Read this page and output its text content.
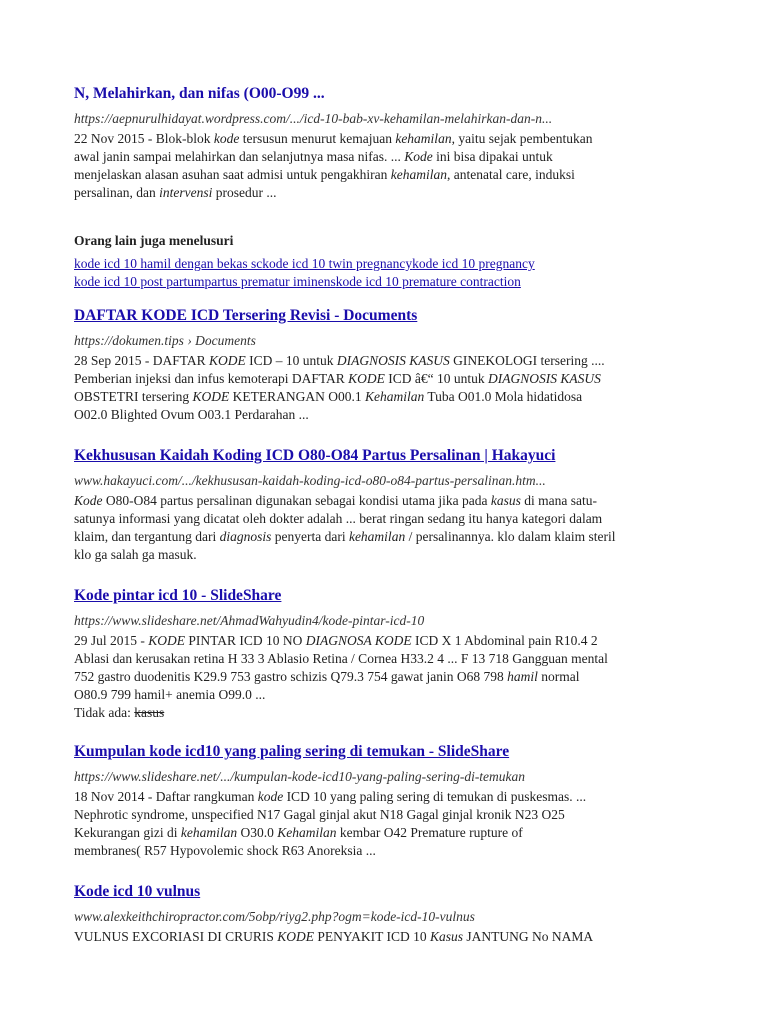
N, Melahirkan, dan nifas (O00-O99 ...
https://aepnurulhidayat.wordpress.com/.../icd-10-bab-xv-kehamilan-melahirkan-dan-n...
22 Nov 2015 - Blok-blok kode tersusun menurut kemajuan kehamilan, yaitu sejak pembentukan
awal janin sampai melahirkan dan selanjutnya masa nifas. ... Kode ini bisa dipakai untuk
menjelaskan alasan asuhan saat admisi untuk pengakhiran kehamilan, antenatal care, induksi
persalinan, dan intervensi prosedur ...
Orang lain juga menelusuri
kode icd 10 hamil dengan bekas sckode icd 10 twin pregnancykode icd 10 pregnancy
kode icd 10 post partumpartus prematur iminenskode icd 10 premature contraction
DAFTAR KODE ICD Tersering Revisi - Documents
https://dokumen.tips › Documents
28 Sep 2015 - DAFTAR KODE ICD – 10 untuk DIAGNOSIS KASUS GINEKOLOGI tersering ....
Pemberian injeksi dan infus kemoterapi DAFTAR KODE ICD â€“ 10 untuk DIAGNOSIS KASUS
OBSTETRI tersering KODE KETERANGAN O00.1 Kehamilan Tuba O01.0 Mola hidatidosa
O02.0 Blighted Ovum O03.1 Perdarahan ...
Kekhususan Kaidah Koding ICD O80-O84 Partus Persalinan | Hakayuci
www.hakayuci.com/.../kekhususan-kaidah-koding-icd-o80-o84-partus-persalinan.htm...
Kode O80-O84 partus persalinan digunakan sebagai kondisi utama jika pada kasus di mana satu-
satunya informasi yang dicatat oleh dokter adalah ... berat ringan sedang itu hanya kategori dalam
klaim, dan tergantung dari diagnosis penyerta dari kehamilan / persalinannya. klo dalam klaim steril
klo ga salah ga masuk.
Kode pintar icd 10 - SlideShare
https://www.slideshare.net/AhmadWahyudin4/kode-pintar-icd-10
29 Jul 2015 - KODE PINTAR ICD 10 NO DIAGNOSA KODE ICD X 1 Abdominal pain R10.4 2
Ablasi dan kerusakan retina H 33 3 Ablasio Retina / Cornea H33.2 4 ... F 13 718 Gangguan mental
752 gastro duodenitis K29.9 753 gastro schizis Q79.3 754 gawat janin O68 798 hamil normal
O80.9 799 hamil+ anemia O99.0 ...
Tidak ada: kasus
Kumpulan kode icd10 yang paling sering di temukan - SlideShare
https://www.slideshare.net/.../kumpulan-kode-icd10-yang-paling-sering-di-temukan
18 Nov 2014 - Daftar rangkuman kode ICD 10 yang paling sering di temukan di puskesmas. ...
Nephrotic syndrome, unspecified N17 Gagal ginjal akut N18 Gagal ginjal kronik N23 O25
Kekurangan gizi di kehamilan O30.0 Kehamilan kembar O42 Premature rupture of
membranes( R57 Hypovolemic shock R63 Anoreksia ...
Kode icd 10 vulnus
www.alexkeithchiropractor.com/5obp/riyg2.php?ogm=kode-icd-10-vulnus
VULNUS EXCORIASI DI CRURIS KODE PENYAKIT ICD 10 Kasus JANTUNG No NAMA
